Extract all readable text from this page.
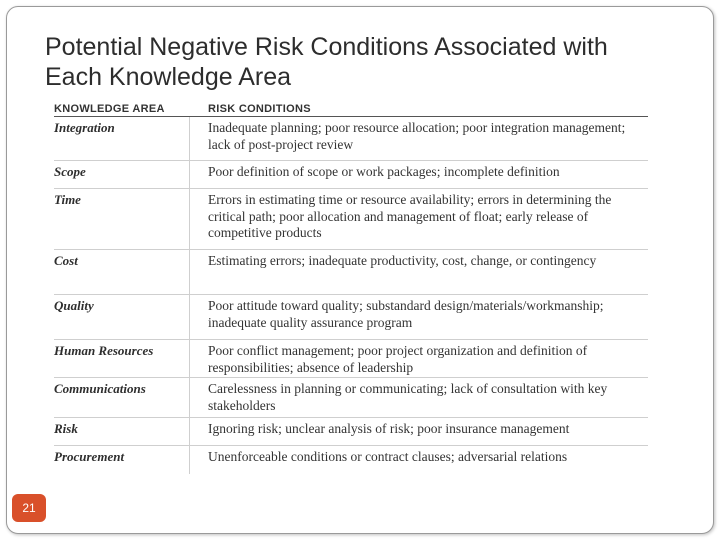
Potential Negative Risk Conditions Associated with
Each Knowledge Area
KNOWLEDGE AREA	RISK CONDITIONS
Integration	Inadequate planning; poor resource allocation; poor integration management; lack of post-project review
Scope	Poor definition of scope or work packages; incomplete definition
Time	Errors in estimating time or resource availability; errors in determining the critical path; poor allocation and management of float; early release of competitive products
Cost	Estimating errors; inadequate productivity, cost, change, or contingency
Quality	Poor attitude toward quality; substandard design/materials/workmanship; inadequate quality assurance program
Human Resources	Poor conflict management; poor project organization and definition of responsibilities; absence of leadership
Communications	Carelessness in planning or communicating; lack of consultation with key stakeholders
Risk	Ignoring risk; unclear analysis of risk; poor insurance management
Procurement	Unenforceable conditions or contract clauses; adversarial relations
21
